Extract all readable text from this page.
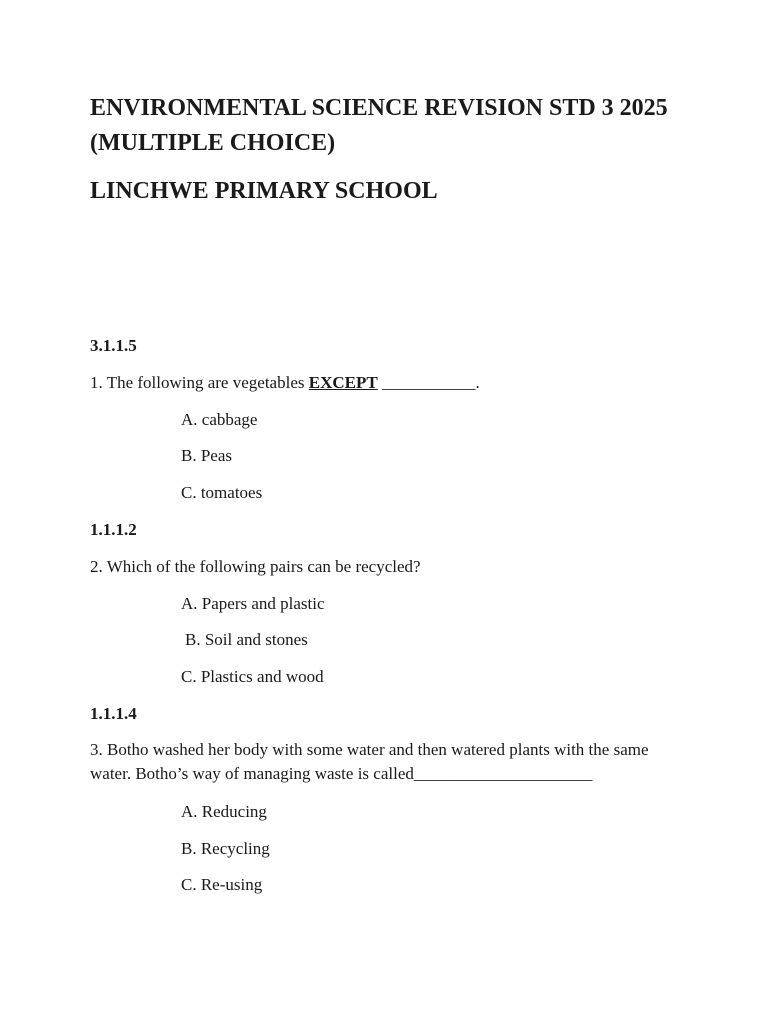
ENVIRONMENTAL SCIENCE REVISION STD 3 2025 (MULTIPLE CHOICE)
LINCHWE PRIMARY SCHOOL
3.1.1.5
1. The following are vegetables EXCEPT ___________.
A. cabbage
B. Peas
C. tomatoes
1.1.1.2
2. Which of the following pairs can be recycled?
A. Papers and plastic
B. Soil and stones
C. Plastics and wood
1.1.1.4
3. Botho washed her body with some water and then watered plants with the same water. Botho’s way of managing waste is called_____________________
A. Reducing
B. Recycling
C. Re-using
